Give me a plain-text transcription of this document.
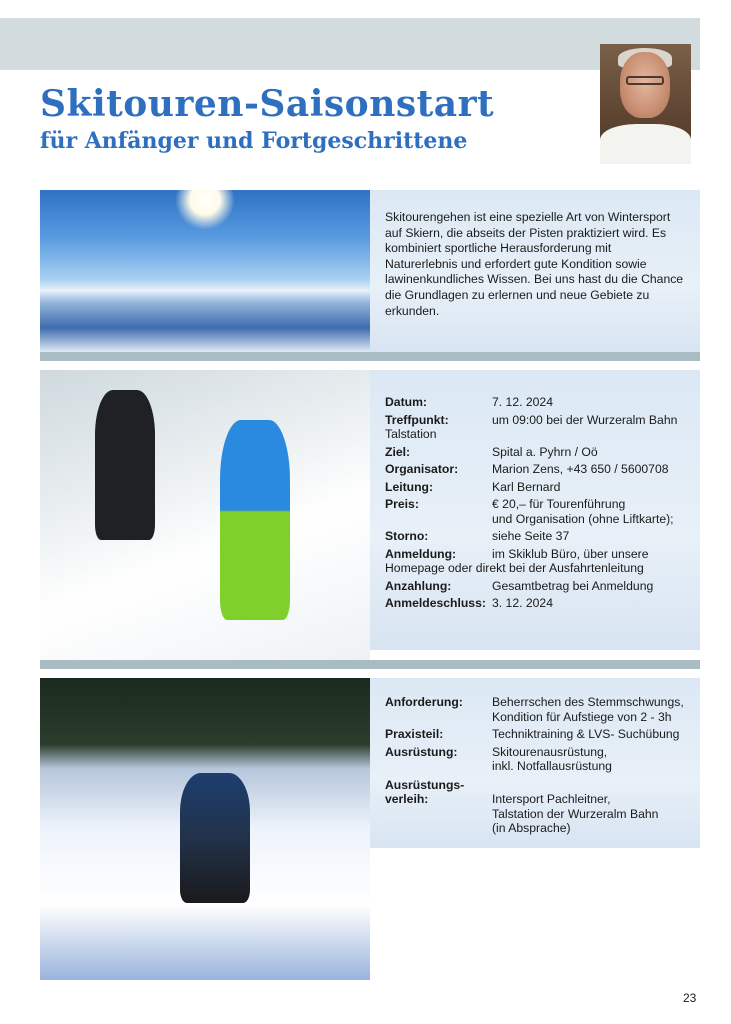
Skitouren-Saisonstart
für Anfänger und Fortgeschrittene

Skitourengehen ist eine spezielle Art von Wintersport auf Skiern, die abseits der Pisten praktiziert wird. Es kombiniert sportliche Herausforderung mit Naturerlebnis und erfordert gute Kondition sowie lawinenkundliches Wissen. Bei uns hast du die Chance die Grundlagen zu erlernen und neue Gebiete zu erkunden.

Datum:	7. 12. 2024
Treffpunkt:	um 09:00 bei der Wurzeralm Bahn
Talstation
Ziel:	Spital a. Pyhrn / Oö
Organisator:	Marion Zens, +43 650 / 5600708
Leitung:	Karl Bernard
Preis:	€ 20,– für Tourenführung
und Organisation (ohne Liftkarte);
Storno:	siehe Seite 37
Anmeldung:	im Skiklub Büro, über unsere
Homepage oder direkt bei der Ausfahrtenleitung
Anzahlung:	Gesamtbetrag bei Anmeldung
Anmeldeschluss: 3. 12. 2024
Anforderung:	Beherrschen des Stemmschwungs,
Kondition für Aufstiege von 2 - 3h
Praxisteil:	Techniktraining & LVS- Suchübung
Ausrüstung:	Skitourenausrüstung,
inkl. Notfallausrüstung
Ausrüstungs-
verleih:	Intersport Pachleitner,
Talstation der Wurzeralm Bahn
(in Absprache)
23
